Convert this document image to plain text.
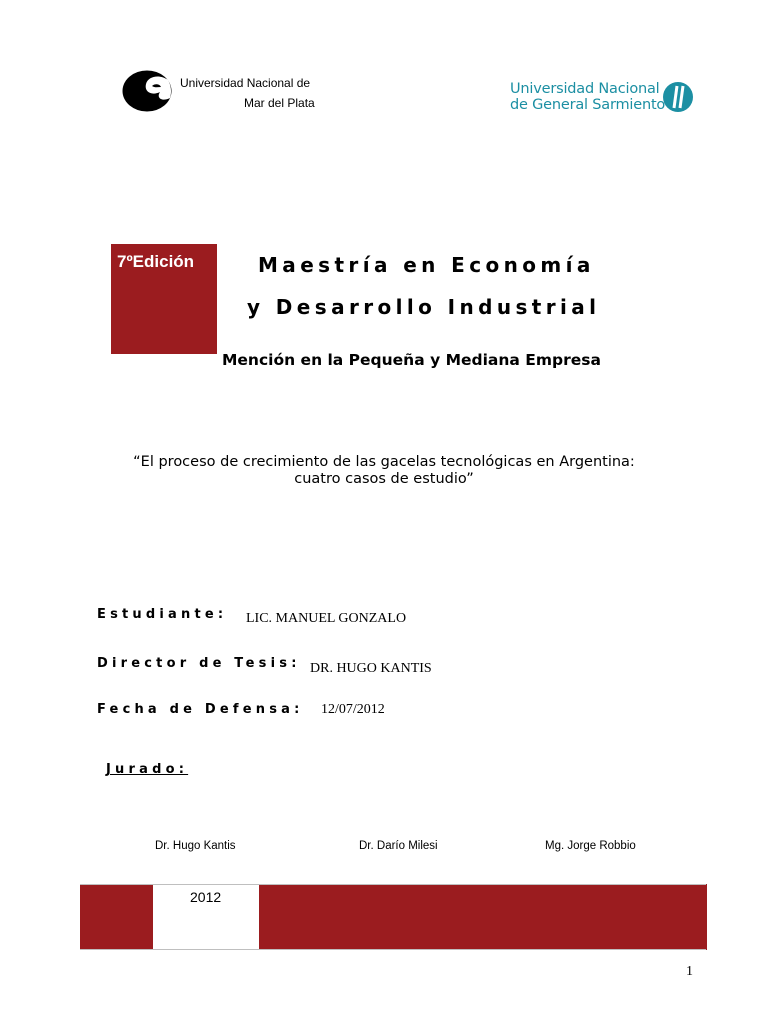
Universidad Nacional de
Mar del Plata
Universidad Nacional
de General Sarmiento
7ºEdición	Maestría en Economía
y Desarrollo Industrial
Mención en la Pequeña y Mediana Empresa
“El proceso de crecimiento de las gacelas tecnológicas en Argentina:
cuatro casos de estudio”
Estudiante: LIC. MANUEL GONZALO
Director de Tesis: DR. HUGO KANTIS
Fecha de Defensa: 12/07/2012
Jurado:
Dr. Hugo Kantis	Dr. Darío Milesi	Mg. Jorge Robbio
2012
1
